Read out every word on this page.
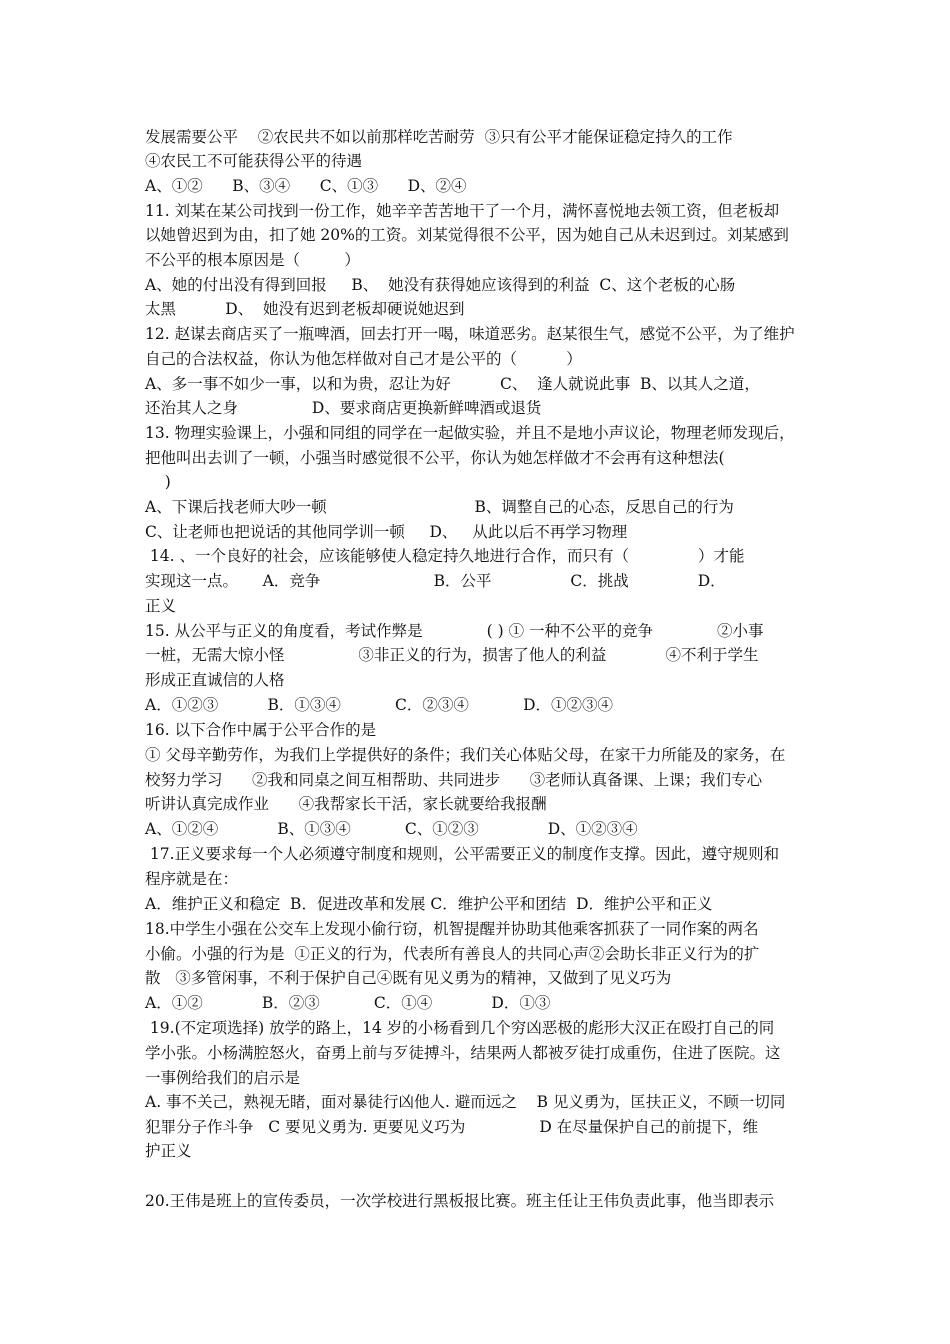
发展需要公平    ②农民共不如以前那样吃苦耐劳  ③只有公平才能保证稳定持久的工作
④农民工不可能获得公平的待遇
A、①②      B、③④      C、①③      D、②④
11. 刘某在某公司找到一份工作，她辛辛苦苦地干了一个月，满怀喜悦地去领工资，但老板却
以她曾迟到为由，扣了她 20%的工资。刘某觉得很不公平，因为她自己从未迟到过。刘某感到
不公平的根本原因是（         ）
A、她的付出没有得到回报     B、  她没有获得她应该得到的利益  C、这个老板的心肠
太黑          D、  她没有迟到老板却硬说她迟到
12. 赵谋去商店买了一瓶啤酒，回去打开一喝，味道恶劣。赵某很生气，感觉不公平，为了维护
自己的合法权益，你认为他怎样做对自己才是公平的（          ）
A、多一事不如少一事，以和为贵，忍让为好          C、  逢人就说此事  B、以其人之道，
还治其人之身               D、要求商店更换新鲜啤酒或退货
13. 物理实验课上，小强和同组的同学在一起做实验，并且不是地小声议论，物理老师发现后，
把他叫出去训了一顿，小强当时感觉很不公平，你认为她怎样做才不会再有这种想法(
)
A、下课后找老师大吵一顿                              B、调整自己的心态，反思自己的行为
C、让老师也把说话的其他同学训一顿     D、   从此以后不再学习物理
14. 、一个良好的社会，应该能够使人稳定持久地进行合作，而只有（              ）才能
实现这一点。     A．竞争                       B．公平                C．挑战              D．
正义
15. 从公平与正义的角度看，考试作弊是             ( ) ① 一种不公平的竞争             ②小事
一桩，无需大惊小怪               ③非正义的行为，损害了他人的利益            ④不利于学生
形成正直诚信的人格
A．①②③          B．①③④           C．②③④           D．①②③④
16. 以下合作中属于公平合作的是
① 父母辛勤劳作，为我们上学提供好的条件；我们关心体贴父母，在家干力所能及的家务，在
校努力学习      ②我和同桌之间互相帮助、共同进步      ③老师认真备课、上课；我们专心
听讲认真完成作业      ④我帮家长干活，家长就要给我报酬
A、①②④            B、①③④           C、①②③              D、①②③④
17.正义要求每一个人必须遵守制度和规则，公平需要正义的制度作支撑。因此，遵守规则和
程序就是在：
A．维护正义和稳定  B．促进改革和发展 C．维护公平和团结  D．维护公平和正义
18.中学生小强在公交车上发现小偷行窃，机智提醒并协助其他乘客抓获了一同作案的两名
小偷。小强的行为是  ①正义的行为，代表所有善良人的共同心声②会助长非正义行为的扩
散   ③多管闲事，不利于保护自己④既有见义勇为的精神，又做到了见义巧为
A．①②            B．②③           C．①④            D．①③
19.(不定项选择) 放学的路上，14 岁的小杨看到几个穷凶恶极的彪形大汉正在殴打自己的同
学小张。小杨满腔怒火，奋勇上前与歹徒搏斗，结果两人都被歹徒打成重伤，住进了医院。这
一事例给我们的启示是
A. 事不关己，熟视无睹，面对暴徒行凶他人. 避而远之    B 见义勇为，匡扶正义，不顾一切同
犯罪分子作斗争   C 要见义勇为. 更要见义巧为               D 在尽量保护自己的前提下，维
护正义
20.王伟是班上的宣传委员，一次学校进行黑板报比赛。班主任让王伟负责此事，他当即表示
